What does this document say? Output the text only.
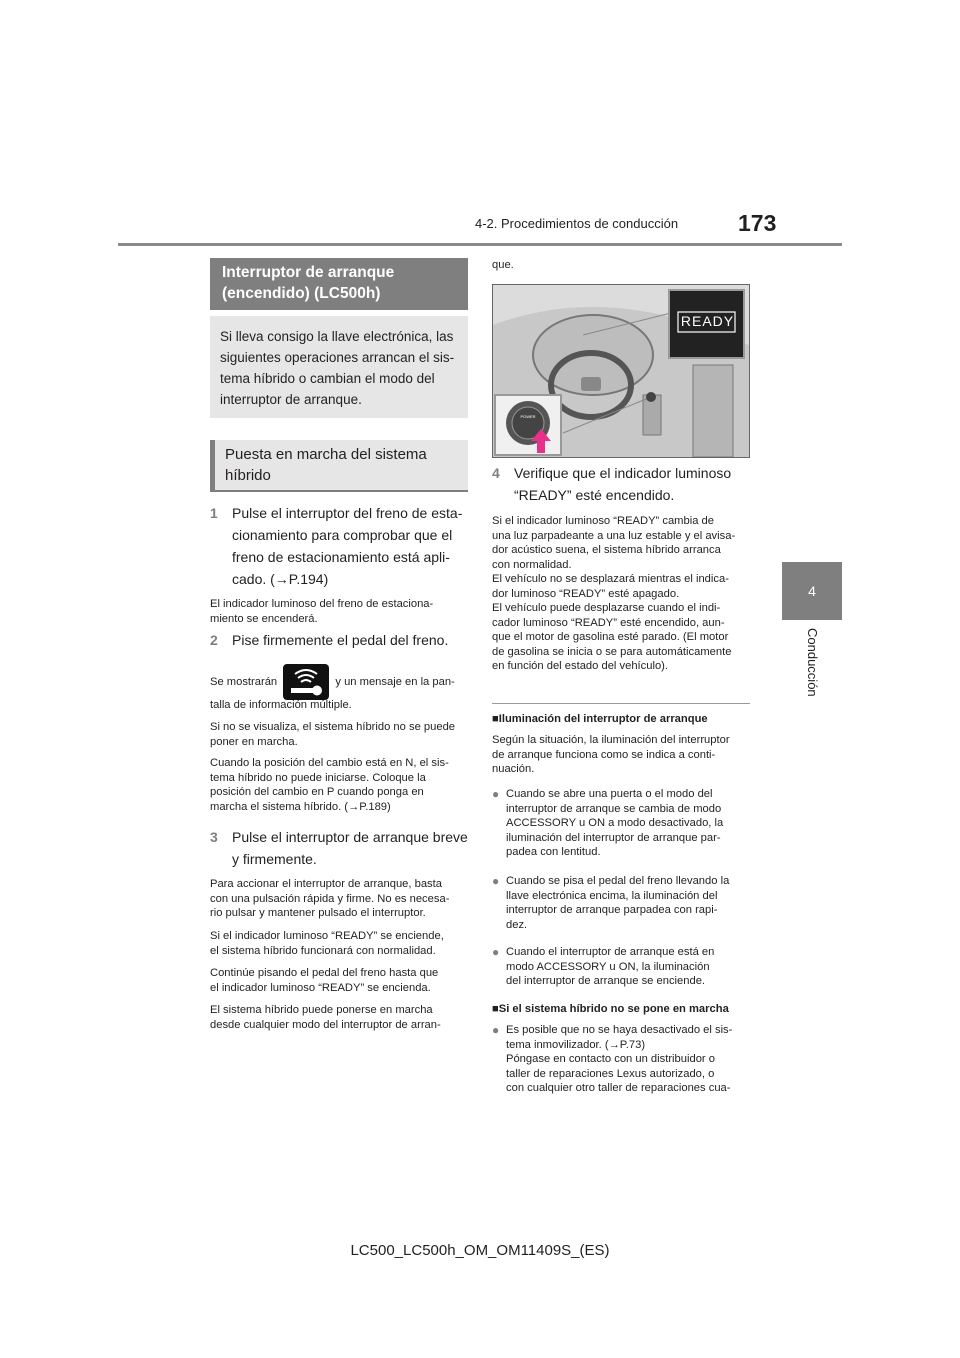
4-2. Procedimientos de conducción	173
4
Conducción
Interruptor de arranque (encendido) (LC500h)
Si lleva consigo la llave electrónica, las siguientes operaciones arrancan el sis-tema híbrido o cambian el modo del interruptor de arranque.
Puesta en marcha del sistema híbrido
1 Pulse el interruptor del freno de esta-
cionamiento para comprobar que el
freno de estacionamiento está apli-
cado. (→P.194)
El indicador luminoso del freno de estaciona-
miento se encenderá.
2 Pise firmemente el pedal del freno.
Se mostrarán	y un mensaje en la pan-
talla de información múltiple.
Si no se visualiza, el sistema híbrido no se puede
poner en marcha.
Cuando la posición del cambio está en N, el sis-
tema híbrido no puede iniciarse. Coloque la
posición del cambio en P cuando ponga en
marcha el sistema híbrido. (→P.189)
3 Pulse el interruptor de arranque breve
y firmemente.
Para accionar el interruptor de arranque, basta
con una pulsación rápida y firme. No es necesa-
rio pulsar y mantener pulsado el interruptor.
Si el indicador luminoso “READY” se enciende,
el sistema híbrido funcionará con normalidad.
Continúe pisando el pedal del freno hasta que
el indicador luminoso “READY” se encienda.
El sistema híbrido puede ponerse en marcha
desde cualquier modo del interruptor de arran-
que.
READY
POWER
4 Verifique que el indicador luminoso
“READY” esté encendido.
Si el indicador luminoso “READY” cambia de
una luz parpadeante a una luz estable y el avisa-
dor acústico suena, el sistema híbrido arranca
con normalidad.
El vehículo no se desplazará mientras el indica-
dor luminoso “READY” esté apagado.
El vehículo puede desplazarse cuando el indi-
cador luminoso “READY” esté encendido, aun-
que el motor de gasolina esté parado. (El motor
de gasolina se inicia o se para automáticamente
en función del estado del vehículo).
■Iluminación del interruptor de arranque
Según la situación, la iluminación del interruptor
de arranque funciona como se indica a conti-
nuación.
● Cuando se abre una puerta o el modo del
interruptor de arranque se cambia de modo
ACCESSORY u ON a modo desactivado, la
iluminación del interruptor de arranque par-
padea con lentitud.
● Cuando se pisa el pedal del freno llevando la
llave electrónica encima, la iluminación del
interruptor de arranque parpadea con rapi-
dez.
● Cuando el interruptor de arranque está en
modo ACCESSORY u ON, la iluminación
del interruptor de arranque se enciende.
■Si el sistema híbrido no se pone en marcha
● Es posible que no se haya desactivado el sis-
tema inmovilizador. (→P.73)
Póngase en contacto con un distribuidor o
taller de reparaciones Lexus autorizado, o
con cualquier otro taller de reparaciones cua-
LC500_LC500h_OM_OM11409S_(ES)
